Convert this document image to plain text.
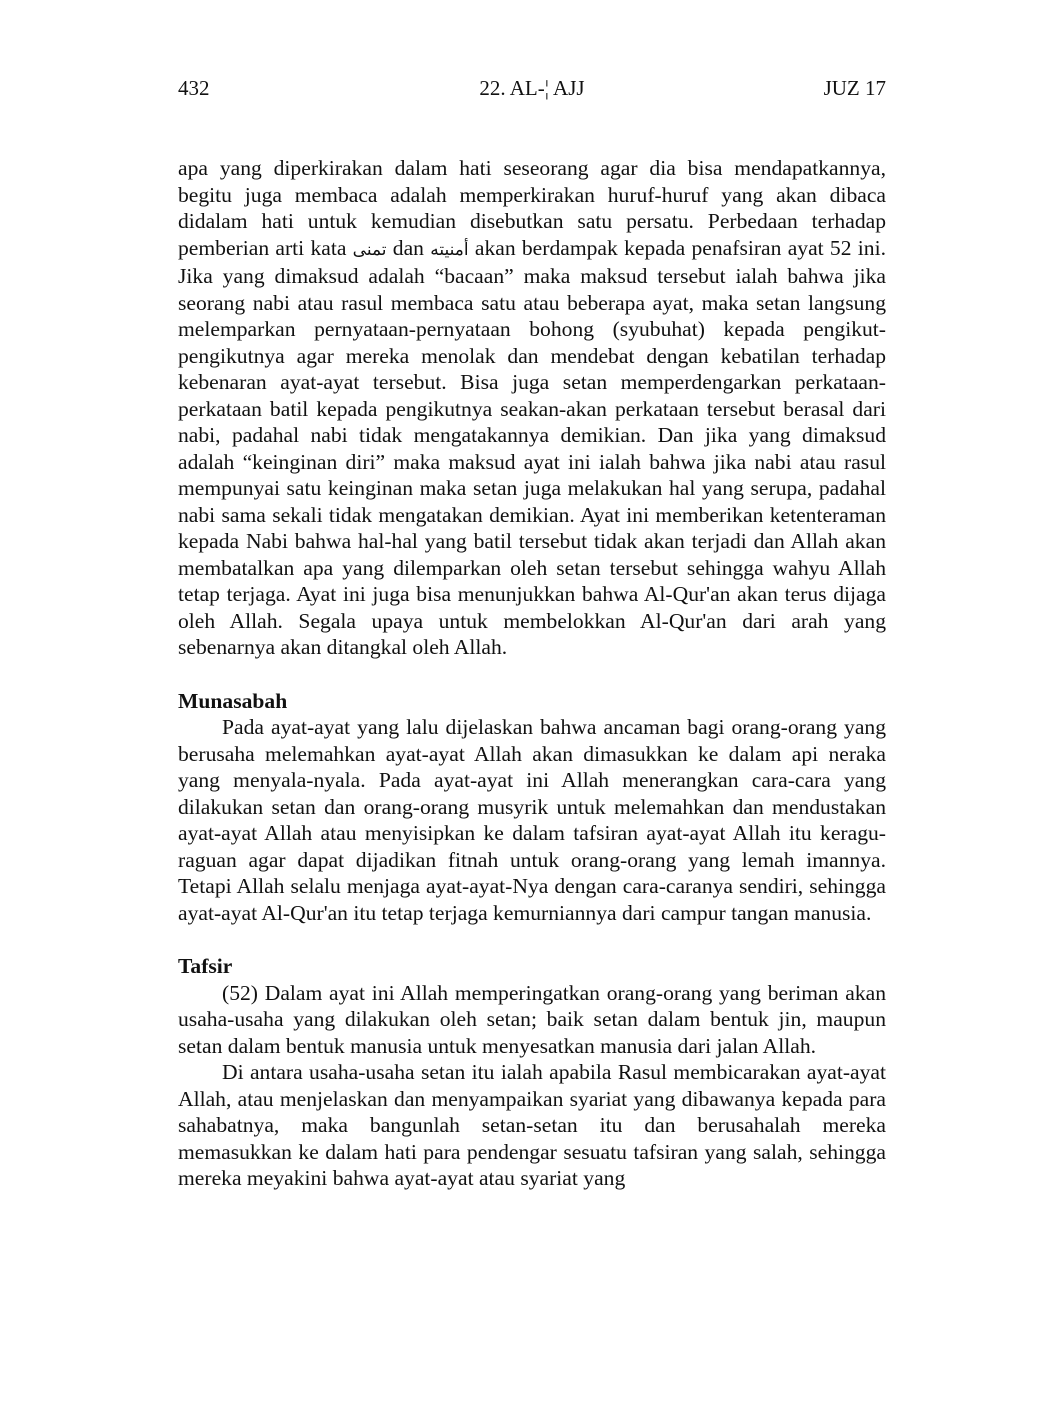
432	22. AL-¦ AJJ	JUZ 17

apa yang diperkirakan dalam hati seseorang agar dia bisa mendapatkannya, begitu juga membaca adalah memperkirakan huruf-huruf yang akan dibaca didalam hati untuk kemudian disebutkan satu persatu. Perbedaan terhadap pemberian arti kata تمنى dan أمنيته akan berdampak kepada penafsiran ayat 52 ini. Jika yang dimaksud adalah “bacaan” maka maksud tersebut ialah bahwa jika seorang nabi atau rasul membaca satu atau beberapa ayat, maka setan langsung melemparkan pernyataan-pernyataan bohong (syubuhat) kepada pengikut-pengikutnya agar mereka menolak dan mendebat dengan kebatilan terhadap kebenaran ayat-ayat tersebut. Bisa juga setan memperdengarkan perkataan-perkataan batil kepada pengikutnya seakan-akan perkataan tersebut berasal dari nabi, padahal nabi tidak mengatakannya demikian. Dan jika yang dimaksud adalah “keinginan diri” maka maksud ayat ini ialah bahwa jika nabi atau rasul mempunyai satu keinginan maka setan juga melakukan hal yang serupa, padahal nabi sama sekali tidak mengatakan demikian. Ayat ini memberikan ketenteraman kepada Nabi bahwa hal-hal yang batil tersebut tidak akan terjadi dan Allah akan membatalkan apa yang dilemparkan oleh setan tersebut sehingga wahyu Allah tetap terjaga. Ayat ini juga bisa menunjukkan bahwa Al-Qur'an akan terus dijaga oleh Allah. Segala upaya untuk membelokkan Al-Qur'an dari arah yang sebenarnya akan ditangkal oleh Allah.

Munasabah

Pada ayat-ayat yang lalu dijelaskan bahwa ancaman bagi orang-orang yang berusaha melemahkan ayat-ayat Allah akan dimasukkan ke dalam api neraka yang menyala-nyala. Pada ayat-ayat ini Allah menerangkan cara-cara yang dilakukan setan dan orang-orang musyrik untuk melemahkan dan mendustakan ayat-ayat Allah atau menyisipkan ke dalam tafsiran ayat-ayat Allah itu keragu-raguan agar dapat dijadikan fitnah untuk orang-orang yang lemah imannya. Tetapi Allah selalu menjaga ayat-ayat-Nya dengan cara-caranya sendiri, sehingga ayat-ayat Al-Qur'an itu tetap terjaga kemurniannya dari campur tangan manusia.

Tafsir

(52) Dalam ayat ini Allah memperingatkan orang-orang yang beriman akan usaha-usaha yang dilakukan oleh setan; baik setan dalam bentuk jin, maupun setan dalam bentuk manusia untuk menyesatkan manusia dari jalan Allah.

Di antara usaha-usaha setan itu ialah apabila Rasul membicarakan ayat-ayat Allah, atau menjelaskan dan menyampaikan syariat yang dibawanya kepada para sahabatnya, maka bangunlah setan-setan itu dan berusahalah mereka memasukkan ke dalam hati para pendengar sesuatu tafsiran yang salah, sehingga mereka meyakini bahwa ayat-ayat atau syariat yang
